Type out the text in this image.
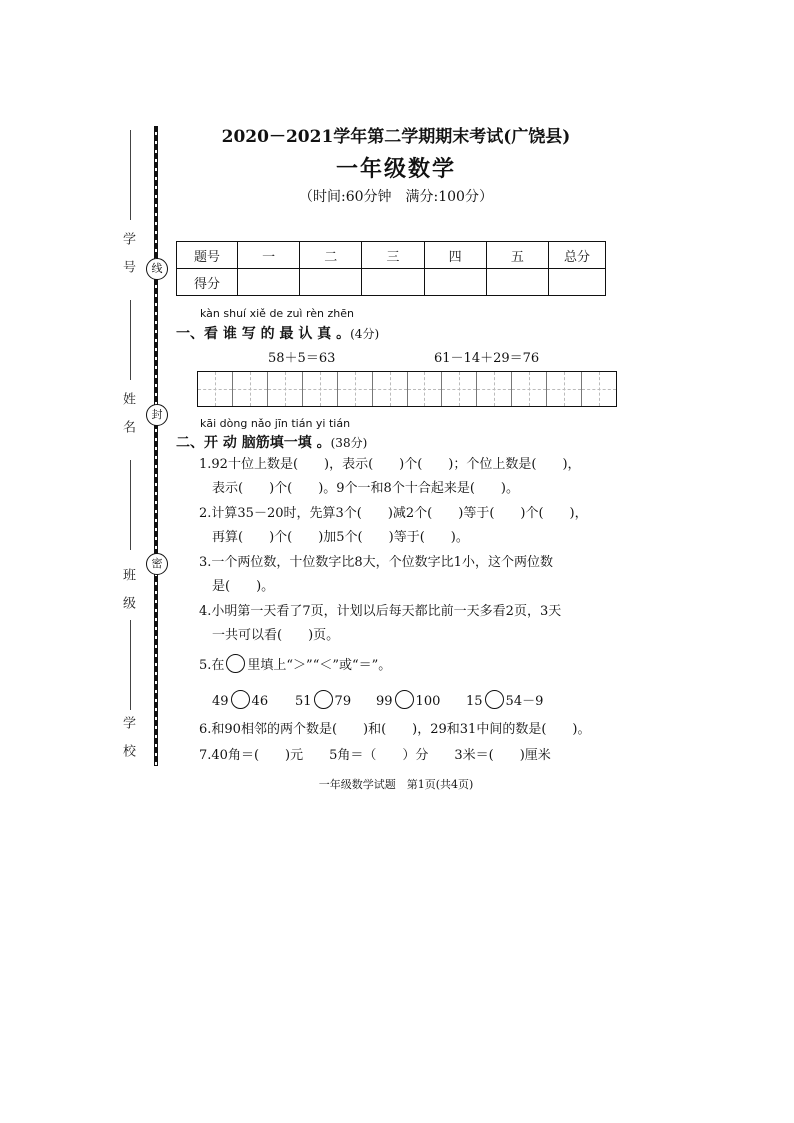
学 号
姓 名
班 级
学 校
线
封
密
2020－2021学年第二学期期末考试(广饶县)
一年级数学
（时间:60分钟　满分:100分）
题号	一	二	三	四	五	总分
得分						
kàn shuí xiě de zuì rèn zhēn
一、看 谁 写 的 最 认 真 。(4分)
58＋5＝63	61－14＋29＝76
kāi dòng nǎo jīn tián yi tián
二、开 动 脑筋填一填 。(38分)
1.92十位上数是(　　)，表示(　　)个(　　)；个位上数是(　　)，
表示(　　)个(　　)。9个一和8个十合起来是(　　)。
2.计算35－20时，先算3个(　　)减2个(　　)等于(　　)个(　　)，
再算(　　)个(　　)加5个(　　)等于(　　)。
3.一个两位数，十位数字比8大，个位数字比1小，这个两位数
是(　　)。
4.小明第一天看了7页，计划以后每天都比前一天多看2页，3天
一共可以看(　　)页。
5.在 里填上“＞”“＜”或“＝”。
49 46 51 79 99 100 15 54－9
6.和90相邻的两个数是(　　)和(　　)，29和31中间的数是(　　)。
7.40角＝(　　)元　　5角＝（　　）分　　3米＝(　　)厘米
一年级数学试题　第1页(共4页)
